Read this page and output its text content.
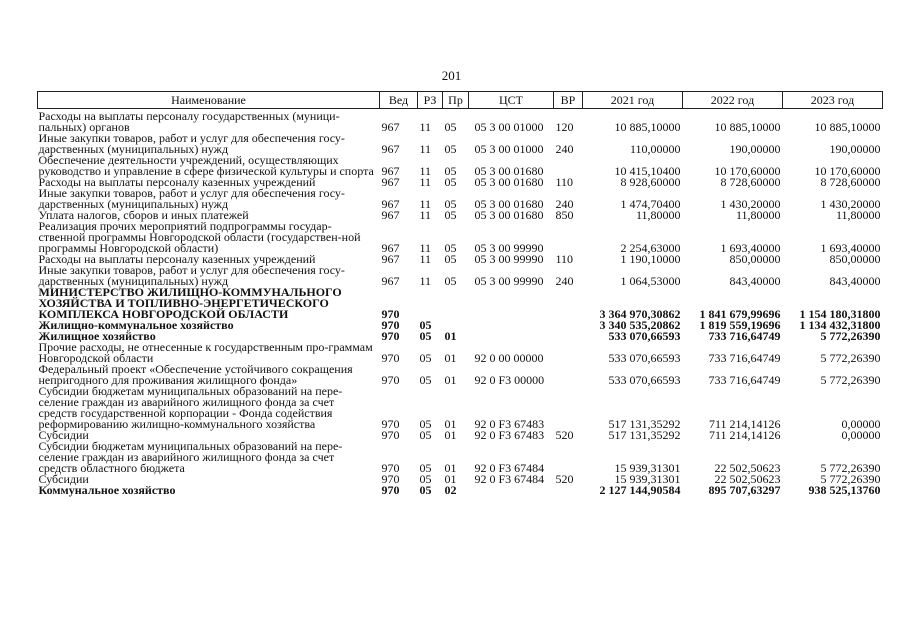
201
Наименование	Вед	РЗ	Пр	ЦСТ	ВР	2021 год	2022 год	2023 год
Расходы на выплаты персоналу государственных (муници-пальных) органов	967	11	05	05 3 00 01000	120	10 885,10000	10 885,10000	10 885,10000
Иные закупки товаров, работ и услуг для обеспечения госу-дарственных (муниципальных) нужд	967	11	05	05 3 00 01000	240	110,00000	190,00000	190,00000
Обеспечение деятельности учреждений, осуществляющих руководство и управление в сфере физической культуры и спорта	967	11	05	05 3 00 01680		10 415,10400	10 170,60000	10 170,60000
Расходы на выплаты персоналу казенных учреждений	967	11	05	05 3 00 01680	110	8 928,60000	8 728,60000	8 728,60000
Иные закупки товаров, работ и услуг для обеспечения госу-дарственных (муниципальных) нужд	967	11	05	05 3 00 01680	240	1 474,70400	1 430,20000	1 430,20000
Уплата налогов, сборов и иных платежей	967	11	05	05 3 00 01680	850	11,80000	11,80000	11,80000
Реализация прочих мероприятий подпрограммы государ-ственной программы Новгородской области (государствен-ной программы Новгородской области)	967	11	05	05 3 00 99990		2 254,63000	1 693,40000	1 693,40000
Расходы на выплаты персоналу казенных учреждений	967	11	05	05 3 00 99990	110	1 190,10000	850,00000	850,00000
Иные закупки товаров, работ и услуг для обеспечения госу-дарственных (муниципальных) нужд	967	11	05	05 3 00 99990	240	1 064,53000	843,40000	843,40000
МИНИСТЕРСТВО ЖИЛИЩНО-КОММУНАЛЬНОГО ХОЗЯЙСТВА И ТОПЛИВНО-ЭНЕРГЕТИЧЕСКОГО КОМПЛЕКСА НОВГОРОДСКОЙ ОБЛАСТИ	970					3 364 970,30862	1 841 679,99696	1 154 180,31800
Жилищно-коммунальное хозяйство	970	05				3 340 535,20862	1 819 559,19696	1 134 432,31800
Жилищное хозяйство	970	05	01			533 070,66593	733 716,64749	5 772,26390
Прочие расходы, не отнесенные к государственным про-граммам Новгородской области	970	05	01	92 0 00 00000		533 070,66593	733 716,64749	5 772,26390
Федеральный проект «Обеспечение устойчивого сокращения непригодного для проживания жилищного фонда»	970	05	01	92 0 F3 00000		533 070,66593	733 716,64749	5 772,26390
Субсидии бюджетам муниципальных образований на пере-селение граждан из аварийного жилищного фонда за счет средств государственной корпорации - Фонда содействия реформированию жилищно-коммунального хозяйства	970	05	01	92 0 F3 67483		517 131,35292	711 214,14126	0,00000
Субсидии	970	05	01	92 0 F3 67483	520	517 131,35292	711 214,14126	0,00000
Субсидии бюджетам муниципальных образований на пере-селение граждан из аварийного жилищного фонда за счет средств областного бюджета	970	05	01	92 0 F3 67484		15 939,31301	22 502,50623	5 772,26390
Субсидии	970	05	01	92 0 F3 67484	520	15 939,31301	22 502,50623	5 772,26390
Коммунальное хозяйство	970	05	02			2 127 144,90584	895 707,63297	938 525,13760
